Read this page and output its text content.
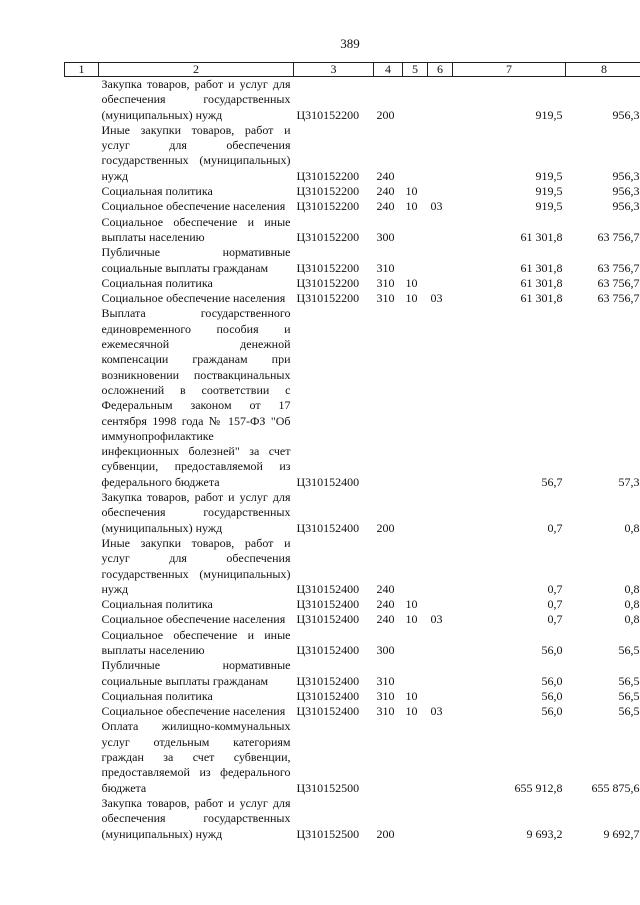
389
1	2	3	4	5	6	7	8
	Закупка товаров, работ и услуг для обеспечения государственных (муниципальных) нужд	Ц310152200	200			919,5	956,3
	Иные закупки товаров, работ и услуг для обеспечения государственных (муниципальных) нужд	Ц310152200	240			919,5	956,3
	Социальная политика	Ц310152200	240	10		919,5	956,3
	Социальное обеспечение населения	Ц310152200	240	10	03	919,5	956,3
	Социальное обеспечение и иные выплаты населению	Ц310152200	300			61 301,8	63 756,7
	Публичные нормативные социальные выплаты гражданам	Ц310152200	310			61 301,8	63 756,7
	Социальная политика	Ц310152200	310	10		61 301,8	63 756,7
	Социальное обеспечение населения	Ц310152200	310	10	03	61 301,8	63 756,7
	Выплата государственного единовременного пособия и ежемесячной денежной компенсации гражданам при возникновении поствакцинальных осложнений в соответствии с Федеральным законом от 17 сентября 1998 года № 157-ФЗ "Об иммунопрофилактике инфекционных болезней" за счет субвенции, предоставляемой из федерального бюджета	Ц310152400				56,7	57,3
	Закупка товаров, работ и услуг для обеспечения государственных (муниципальных) нужд	Ц310152400	200			0,7	0,8
	Иные закупки товаров, работ и услуг для обеспечения государственных (муниципальных) нужд	Ц310152400	240			0,7	0,8
	Социальная политика	Ц310152400	240	10		0,7	0,8
	Социальное обеспечение населения	Ц310152400	240	10	03	0,7	0,8
	Социальное обеспечение и иные выплаты населению	Ц310152400	300			56,0	56,5
	Публичные нормативные социальные выплаты гражданам	Ц310152400	310			56,0	56,5
	Социальная политика	Ц310152400	310	10		56,0	56,5
	Социальное обеспечение населения	Ц310152400	310	10	03	56,0	56,5
	Оплата жилищно-коммунальных услуг отдельным категориям граждан за счет субвенции, предоставляемой из федерального бюджета	Ц310152500				655 912,8	655 875,6
	Закупка товаров, работ и услуг для обеспечения государственных (муниципальных) нужд	Ц310152500	200			9 693,2	9 692,7
